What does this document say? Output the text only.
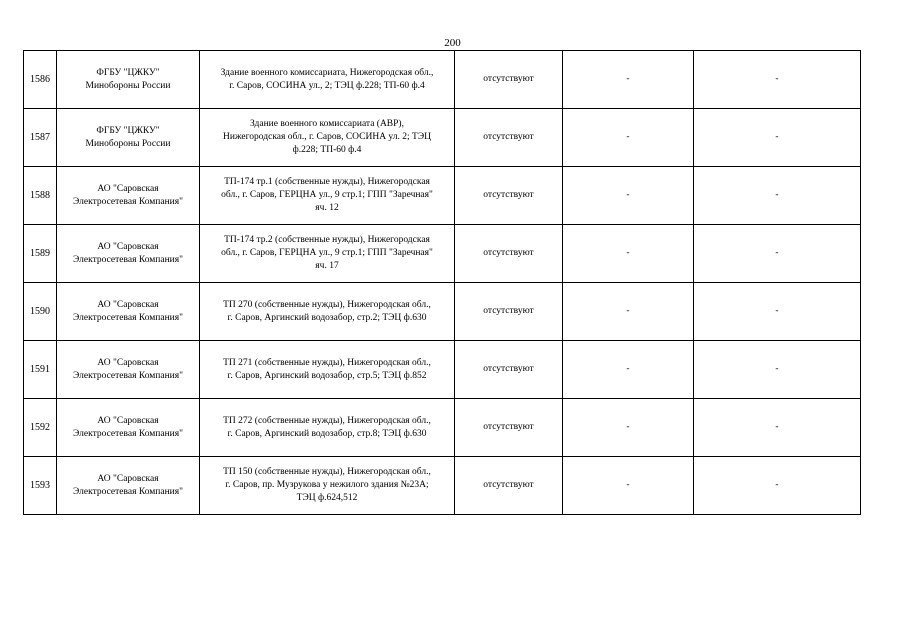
200
1586	ФГБУ "ЦЖКУ"
Минобороны России	Здание военного комиссариата, Нижегородская обл.,
г. Саров, СОСИНА ул., 2; ТЭЦ ф.228; ТП-60 ф.4	отсутствуют	-	-
1587	ФГБУ "ЦЖКУ"
Минобороны России	Здание военного комиссариата (АВР),
Нижегородская обл., г. Саров, СОСИНА ул. 2; ТЭЦ
ф.228; ТП-60 ф.4	отсутствуют	-	-
1588	АО "Саровская
Электросетевая Компания"	ТП-174 тр.1 (собственные нужды), Нижегородская
обл., г. Саров, ГЕРЦНА ул., 9 стр.1; ГПП "Заречная"
яч. 12	отсутствуют	-	-
1589	АО "Саровская
Электросетевая Компания"	ТП-174 тр.2 (собственные нужды), Нижегородская
обл., г. Саров, ГЕРЦНА ул., 9 стр.1; ГПП "Заречная"
яч. 17	отсутствуют	-	-
1590	АО "Саровская
Электросетевая Компания"	ТП 270 (собственные нужды), Нижегородская обл.,
г. Саров, Аргинский водозабор, стр.2; ТЭЦ ф.630	отсутствуют	-	-
1591	АО "Саровская
Электросетевая Компания"	ТП 271 (собственные нужды), Нижегородская обл.,
г. Саров, Аргинский водозабор, стр.5; ТЭЦ ф.852	отсутствуют	-	-
1592	АО "Саровская
Электросетевая Компания"	ТП 272 (собственные нужды), Нижегородская обл.,
г. Саров, Аргинский водозабор, стр.8; ТЭЦ ф.630	отсутствуют	-	-
1593	АО "Саровская
Электросетевая Компания"	ТП 150 (собственные нужды), Нижегородская обл.,
г. Саров, пр. Музрукова у нежилого здания №23А;
ТЭЦ ф.624,512	отсутствуют	-	-
